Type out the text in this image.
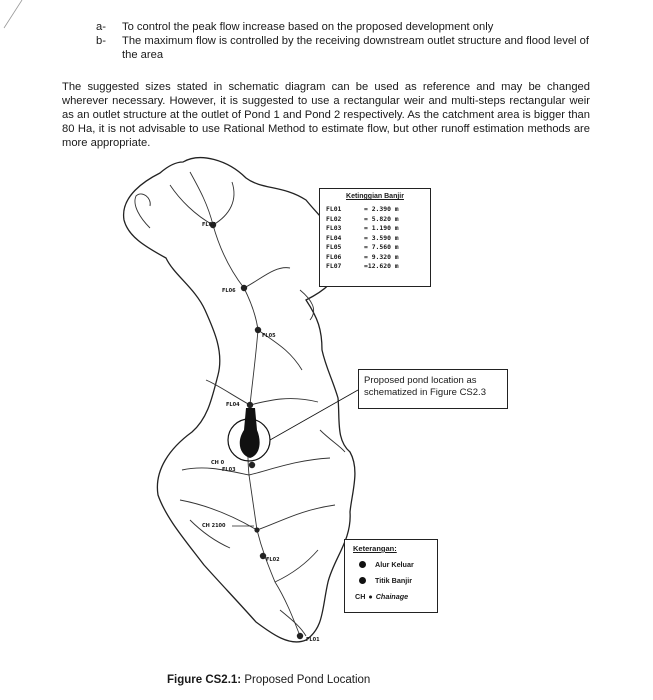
a-	To control the peak flow increase based on the proposed development only
b-	The maximum flow is controlled by the receiving downstream outlet structure and flood level of the area
The suggested sizes stated in schematic diagram can be used as reference and may be changed wherever necessary. However, it is suggested to use a rectangular weir and multi-steps rectangular weir as an outlet structure at the outlet of Pond 1 and Pond 2 respectively. As the catchment area is bigger than 80 Ha, it is not advisable to use Rational Method to estimate flow, but other runoff estimation methods are more appropriate.
FL07
FL06
FL05
FL04
CH 0
FL03
CH 2100
FL02
FL01
Ketinggian Banjir
FL01	= 2.390 m
FL02	= 5.820 m
FL03	= 1.190 m
FL04	= 3.590 m
FL05	= 7.560 m
FL06	= 9.320 m
FL07	=12.620 m
Proposed pond location as schematized in Figure CS2.3
Keterangan:
Alur Keluar
Titik Banjir
CH ● Chainage
Figure CS2.1: Proposed Pond Location
